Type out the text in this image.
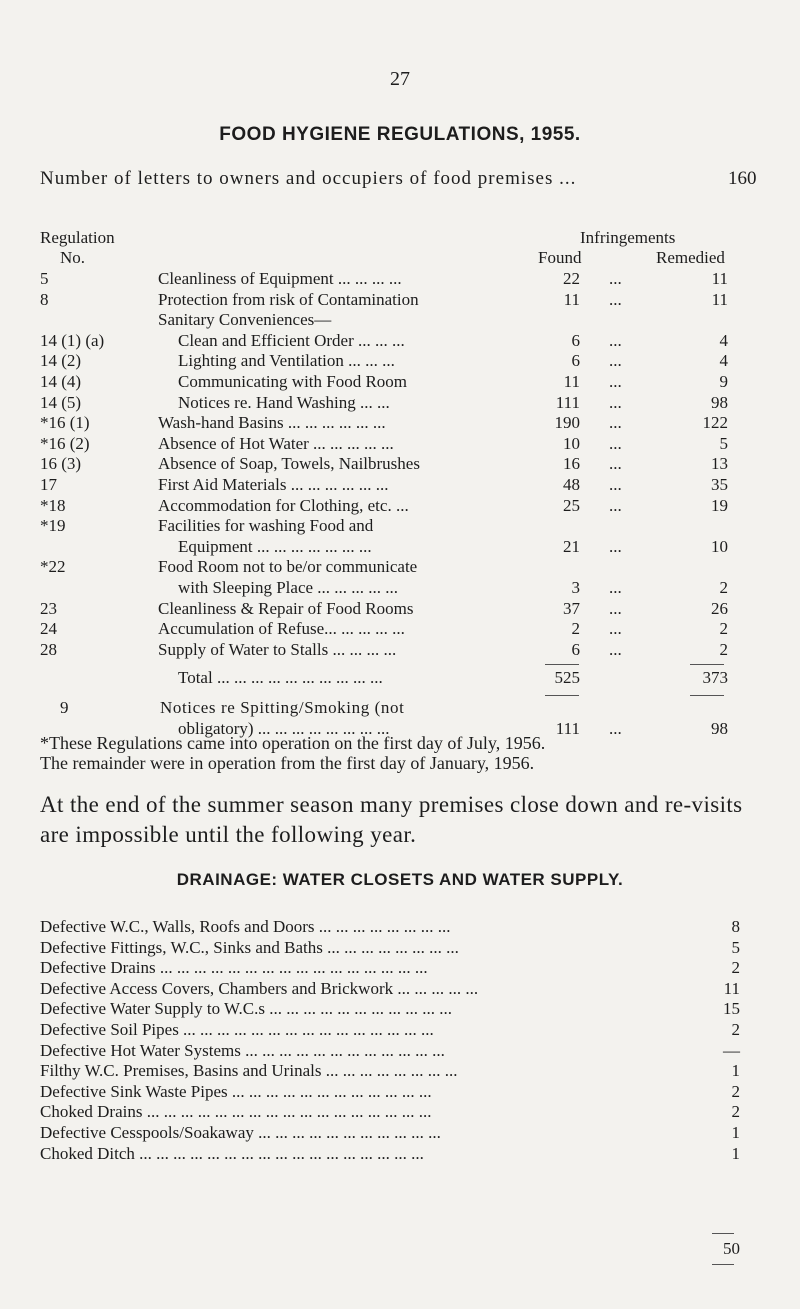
27
FOOD HYGIENE REGULATIONS, 1955.
Number of letters to owners and occupiers of food premises ...	160
Regulation
No.
Infringements
Found	Remedied
5	Cleanliness of Equipment ... ... ... ...	22 ...	11
8	Protection from risk of Contamination	11 ...	11
Sanitary Conveniences—
14 (1) (a)	Clean and Efficient Order ... ... ...	6 ...	4
14 (2)	Lighting and Ventilation ... ... ...	6 ...	4
14 (4)	Communicating with Food Room	11 ...	9
14 (5)	Notices re. Hand Washing ... ...	111 ...	98
*16 (1)	Wash-hand Basins ... ... ... ... ... ...	190 ...	122
*16 (2)	Absence of Hot Water ... ... ... ... ...	10 ...	5
16 (3)	Absence of Soap, Towels, Nailbrushes	16 ...	13
17	First Aid Materials ... ... ... ... ... ...	48 ...	35
*18	Accommodation for Clothing, etc. ...	25 ...	19
*19	Facilities for washing Food and
Equipment ... ... ... ... ... ... ...	21 ...	10
*22	Food Room not to be/or communicate
with Sleeping Place ... ... ... ... ...	3 ...	2
23	Cleanliness & Repair of Food Rooms	37 ...	26
24	Accumulation of Refuse... ... ... ... ...	2 ...	2
28	Supply of Water to Stalls ... ... ... ...	6 ...	2
Total ... ... ... ... ... ... ... ... ... ...	525	373
9	Notices re Spitting/Smoking (not
obligatory) ... ... ... ... ... ... ... ...	111 ...	98
*These Regulations came into operation on the first day of July, 1956.
The remainder were in operation from the first day of January, 1956.
At the end of the summer season many premises close down and re-visits are impossible until the following year.
DRAINAGE: WATER CLOSETS AND WATER SUPPLY.
Defective W.C., Walls, Roofs and Doors ... ... ... ... ... ... ... ...	8
Defective Fittings, W.C., Sinks and Baths ... ... ... ... ... ... ... ...	5
Defective Drains ... ... ... ... ... ... ... ... ... ... ... ... ... ... ... ...	2
Defective Access Covers, Chambers and Brickwork ... ... ... ... ...	11
Defective Water Supply to W.C.s ... ... ... ... ... ... ... ... ... ... ...	15
Defective Soil Pipes ... ... ... ... ... ... ... ... ... ... ... ... ... ... ...	2
Defective Hot Water Systems ... ... ... ... ... ... ... ... ... ... ... ...	—
Filthy W.C. Premises, Basins and Urinals ... ... ... ... ... ... ... ...	1
Defective Sink Waste Pipes ... ... ... ... ... ... ... ... ... ... ... ...	2
Choked Drains ... ... ... ... ... ... ... ... ... ... ... ... ... ... ... ... ...	2
Defective Cesspools/Soakaway ... ... ... ... ... ... ... ... ... ... ...	1
Choked Ditch ... ... ... ... ... ... ... ... ... ... ... ... ... ... ... ... ...	1
50
